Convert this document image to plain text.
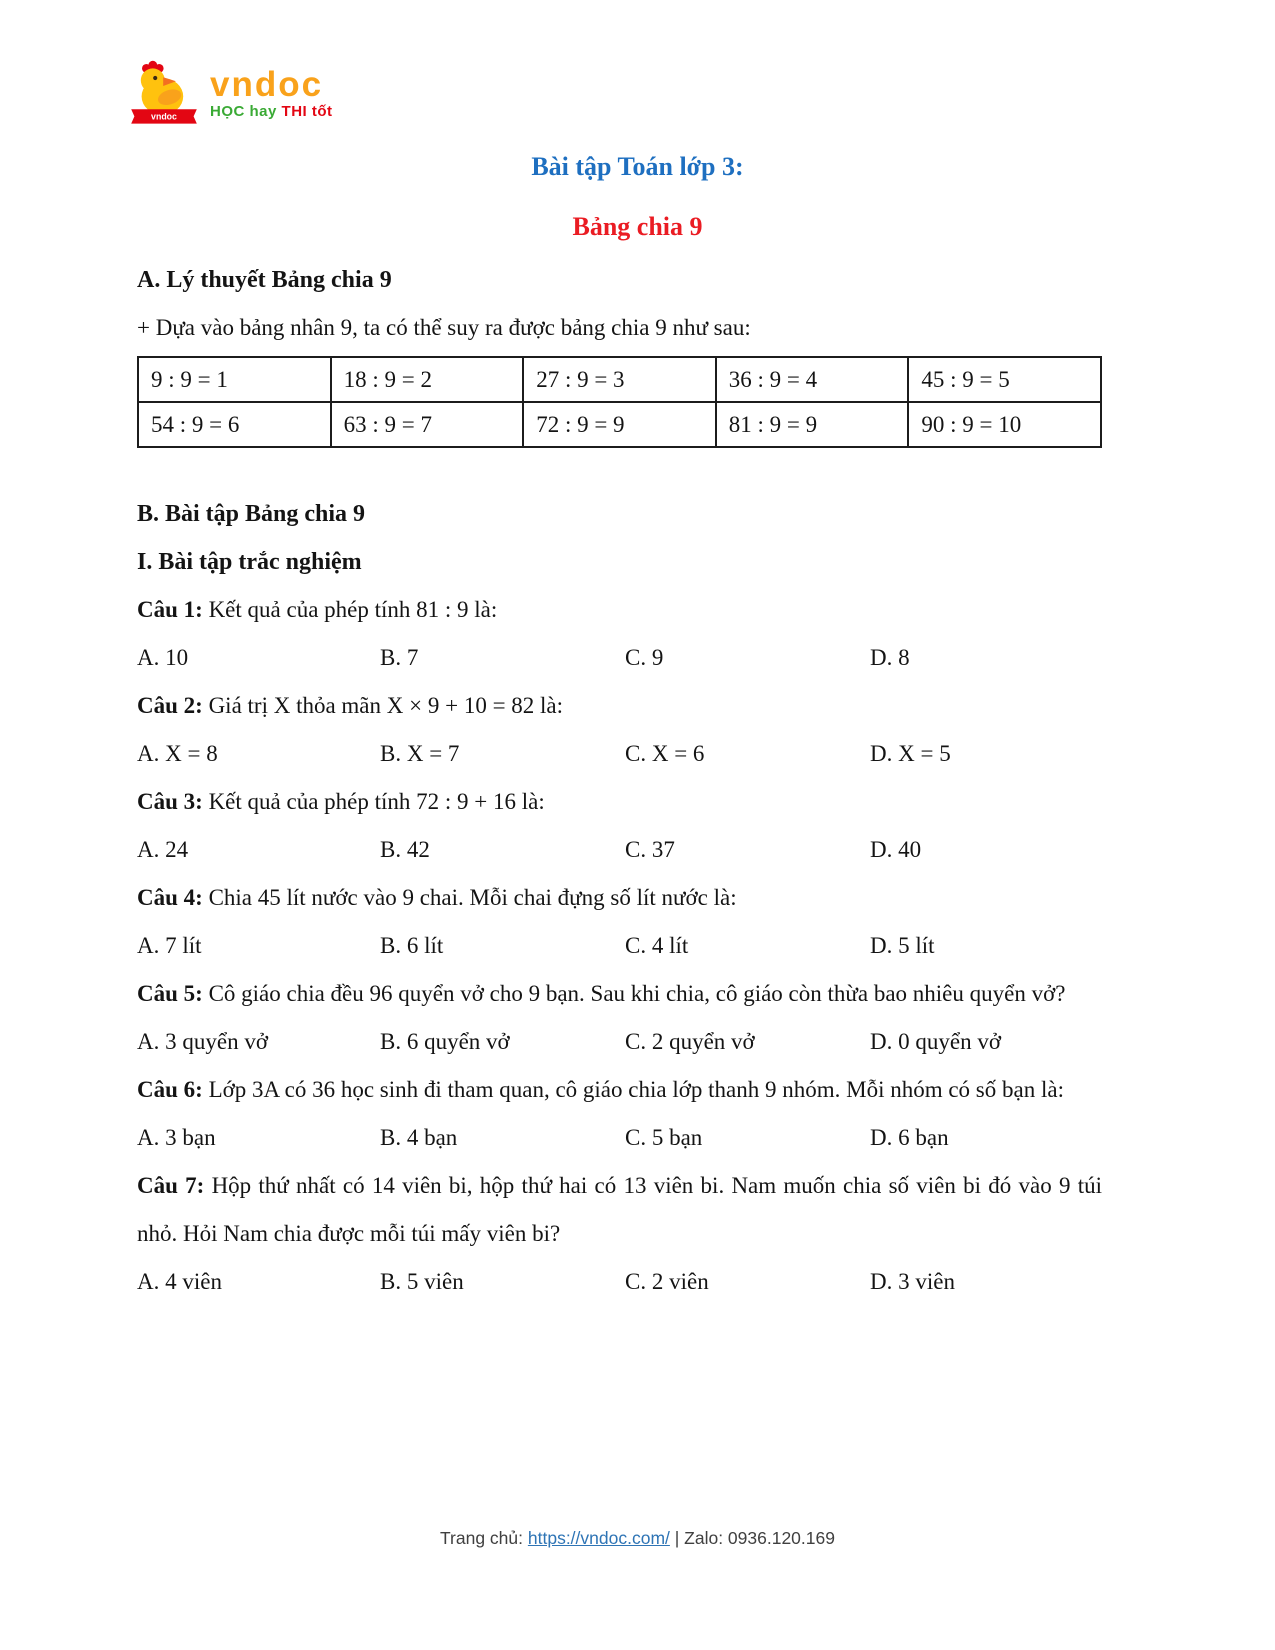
vndoc
vndoc
HỌC hay THI tốt
Bài tập Toán lớp 3:
Bảng chia 9

A. Lý thuyết Bảng chia 9

+ Dựa vào bảng nhân 9, ta có thể suy ra được bảng chia 9 như sau:

9 : 9 = 1	18 : 9 = 2	27 : 9 = 3	36 : 9 = 4	45 : 9 = 5
54 : 9 = 6	63 : 9 = 7	72 : 9 = 9	81 : 9 = 9	90 : 9 = 10

B. Bài tập Bảng chia 9

I. Bài tập trắc nghiệm

Câu 1: Kết quả của phép tính 81 : 9 là:

A. 10	B. 7	C. 9	D. 8

Câu 2: Giá trị X thỏa mãn X × 9 + 10 = 82 là:

A. X = 8	B. X = 7	C. X = 6	D. X = 5

Câu 3: Kết quả của phép tính 72 : 9 + 16 là:

A. 24	B. 42	C. 37	D. 40

Câu 4: Chia 45 lít nước vào 9 chai. Mỗi chai đựng số lít nước là:

A. 7 lít	B. 6 lít	C. 4 lít	D. 5 lít

Câu 5: Cô giáo chia đều 96 quyển vở cho 9 bạn. Sau khi chia, cô giáo còn thừa bao nhiêu quyển vở?

A. 3 quyển vở	B. 6 quyển vở	C. 2 quyển vở	D. 0 quyển vở

Câu 6: Lớp 3A có 36 học sinh đi tham quan, cô giáo chia lớp thanh 9 nhóm. Mỗi nhóm có số bạn là:

A. 3 bạn	B. 4 bạn	C. 5 bạn	D. 6 bạn

Câu 7: Hộp thứ nhất có 14 viên bi, hộp thứ hai có 13 viên bi. Nam muốn chia số viên bi đó vào 9 túi nhỏ. Hỏi Nam chia được mỗi túi mấy viên bi?

A. 4 viên	B. 5 viên	C. 2 viên	D. 3 viên
Trang chủ: https://vndoc.com/ | Zalo: 0936.120.169
